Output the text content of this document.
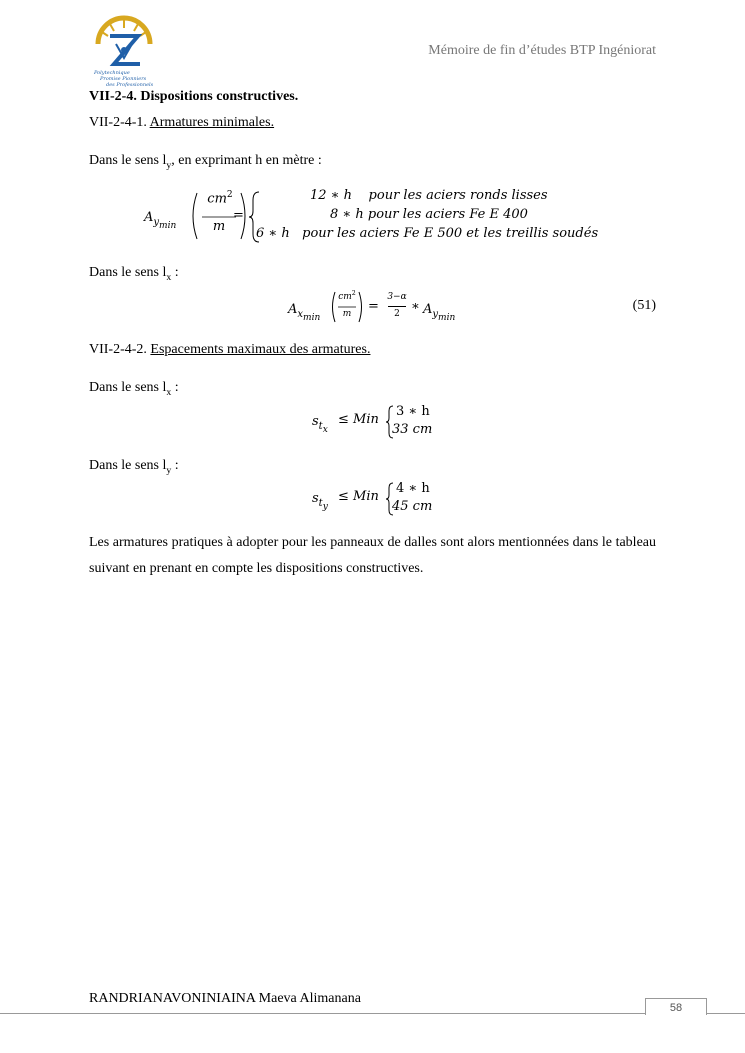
Polytechnique
Promise Pionniers
des Professionnels
Mémoire de fin d’études BTP Ingéniorat
VII-2-4. Dispositions constructives.
VII-2-4-1. Armatures minimales.
Dans le sens $l_y$, en exprimant h en mètre :
$A_{y_{min}}$
$cm^2$
m
=
12 ∗ h pour les aciers ronds lisses
8 ∗ h pour les aciers Fe E 400
6 ∗ h pour les aciers Fe E 500 et les treillis soudés
Dans le sens $l_x$ :
$A_{x_{min}}$
$cm^2$
m	=
3−α
2 ∗ $A_{y_{min}}$
(51)
VII-2-4-2. Espacements maximaux des armatures.
Dans le sens $l_x$ :
$s_{t_x}$
≤ Min
3 ∗ h
33 cm
Dans le sens $l_y$ :
$s_{t_y}$
≤ Min
4 ∗ h
45 cm
Les armatures pratiques à adopter pour les panneaux de dalles sont alors mentionnées dans le tableau suivant en prenant en compte les dispositions constructives.
RANDRIANAVONINIAINA Maeva Alimanana
58
